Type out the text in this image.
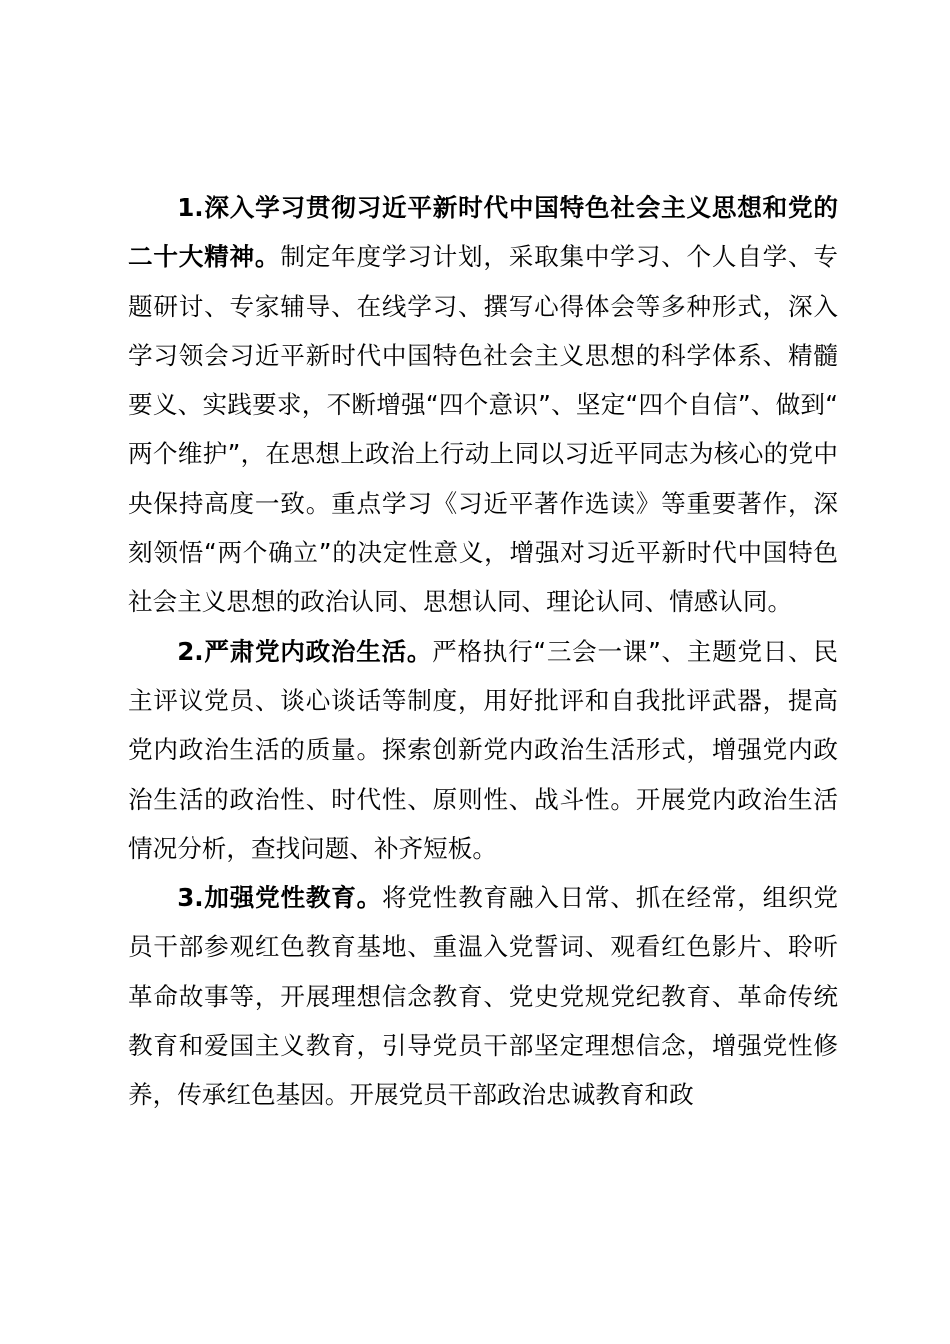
1.深入学习贯彻习近平新时代中国特色社会主义思想和党的二十大精神。制定年度学习计划，采取集中学习、个人自学、专题研讨、专家辅导、在线学习、撰写心得体会等多种形式，深入学习领会习近平新时代中国特色社会主义思想的科学体系、精髓要义、实践要求，不断增强“四个意识”、坚定“四个自信”、做到“两个维护”，在思想上政治上行动上同以习近平同志为核心的党中央保持高度一致。重点学习《习近平著作选读》等重要著作，深刻领悟“两个确立”的决定性意义，增强对习近平新时代中国特色社会主义思想的政治认同、思想认同、理论认同、情感认同。

2.严肃党内政治生活。严格执行“三会一课”、主题党日、民主评议党员、谈心谈话等制度，用好批评和自我批评武器，提高党内政治生活的质量。探索创新党内政治生活形式，增强党内政治生活的政治性、时代性、原则性、战斗性。开展党内政治生活情况分析，查找问题、补齐短板。

3.加强党性教育。将党性教育融入日常、抓在经常，组织党员干部参观红色教育基地、重温入党誓词、观看红色影片、聆听革命故事等，开展理想信念教育、党史党规党纪教育、革命传统教育和爱国主义教育，引导党员干部坚定理想信念，增强党性修养，传承红色基因。开展党员干部政治忠诚教育和政
